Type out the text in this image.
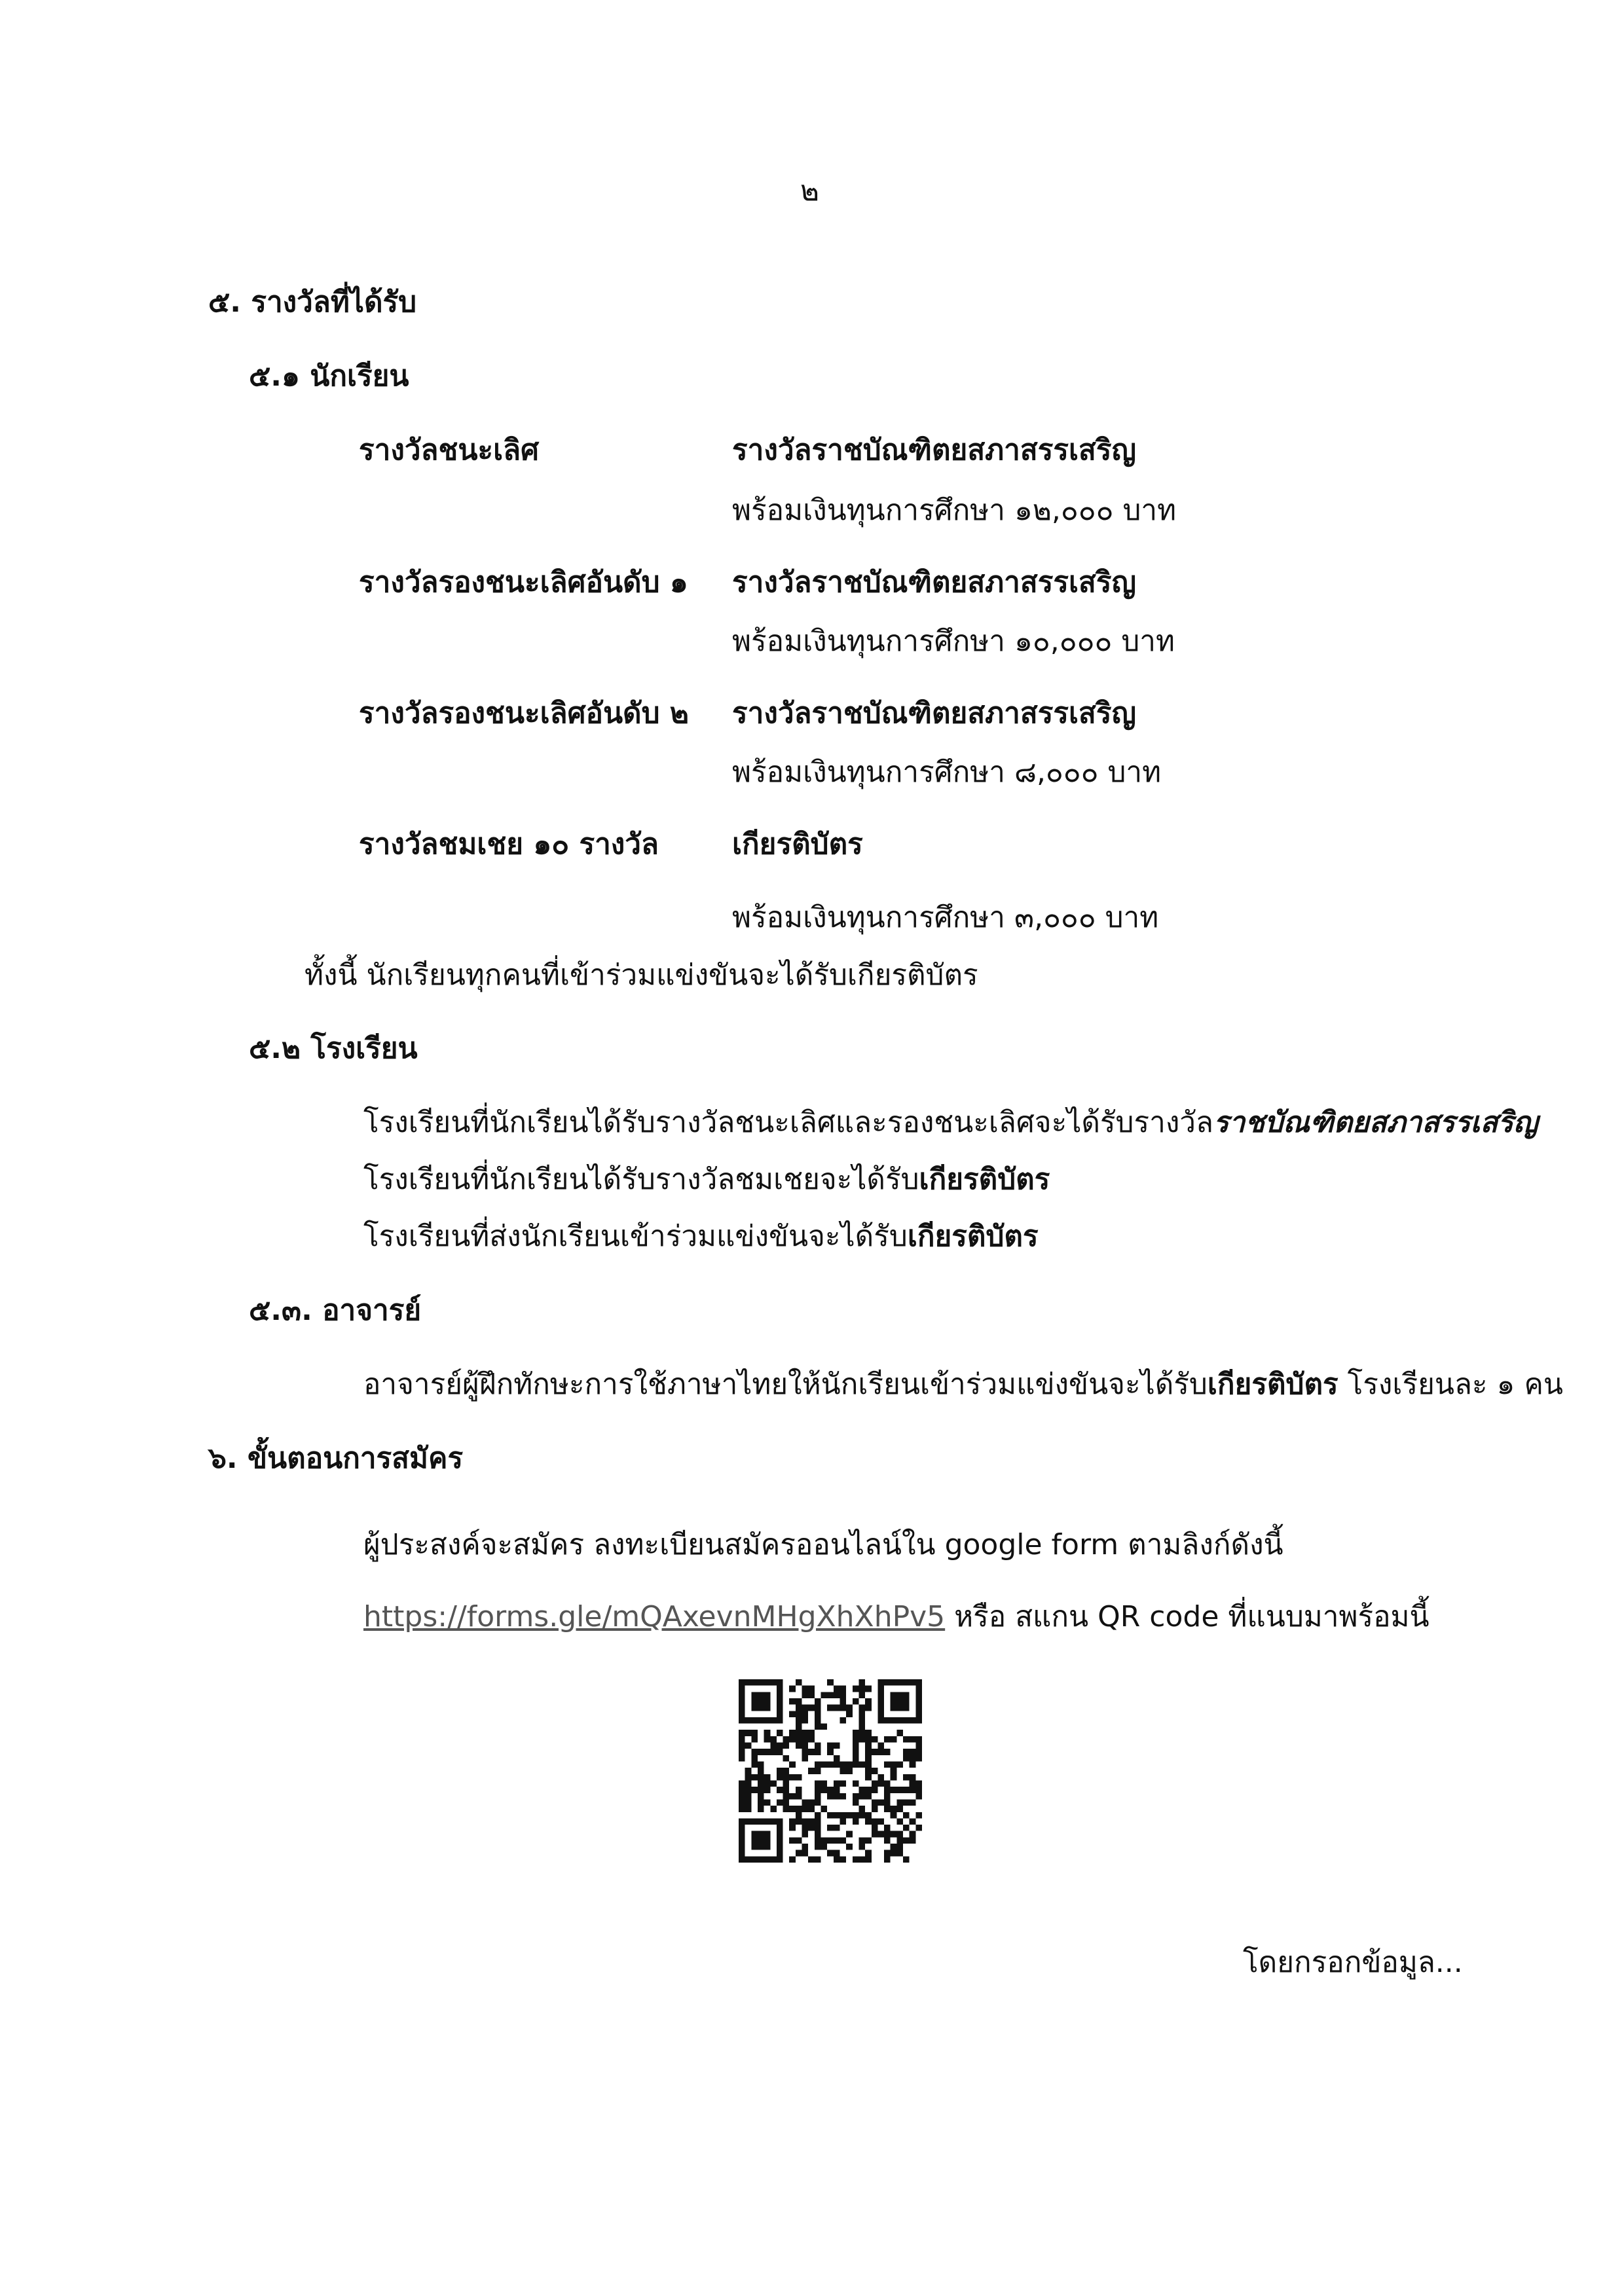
๒
๕. รางวัลที่ได้รับ
๕.๑ นักเรียน
รางวัลชนะเลิศ	รางวัลราชบัณฑิตยสภาสรรเสริญ
พร้อมเงินทุนการศึกษา ๑๒,๐๐๐ บาท
รางวัลรองชนะเลิศอันดับ ๑ รางวัลราชบัณฑิตยสภาสรรเสริญ
พร้อมเงินทุนการศึกษา ๑๐,๐๐๐ บาท
รางวัลรองชนะเลิศอันดับ ๒ รางวัลราชบัณฑิตยสภาสรรเสริญ
พร้อมเงินทุนการศึกษา ๘,๐๐๐ บาท
รางวัลชมเชย ๑๐ รางวัล	เกียรติบัตร
พร้อมเงินทุนการศึกษา ๓,๐๐๐ บาท
ทั้งนี้ นักเรียนทุกคนที่เข้าร่วมแข่งขันจะได้รับเกียรติบัตร
๕.๒ โรงเรียน
โรงเรียนที่นักเรียนได้รับรางวัลชนะเลิศและรองชนะเลิศจะได้รับรางวัลราชบัณฑิตยสภาสรรเสริญ
โรงเรียนที่นักเรียนได้รับรางวัลชมเชยจะได้รับเกียรติบัตร
โรงเรียนที่ส่งนักเรียนเข้าร่วมแข่งขันจะได้รับเกียรติบัตร
๕.๓. อาจารย์
อาจารย์ผู้ฝึกทักษะการใช้ภาษาไทยให้นักเรียนเข้าร่วมแข่งขันจะได้รับเกียรติบัตร โรงเรียนละ ๑ คน
๖. ขั้นตอนการสมัคร
ผู้ประสงค์จะสมัคร ลงทะเบียนสมัครออนไลน์ใน google form ตามลิงก์ดังนี้
https://forms.gle/mQAxevnMHgXhXhPv5 หรือ สแกน QR code ที่แนบมาพร้อมนี้
โดยกรอกข้อมูล...
